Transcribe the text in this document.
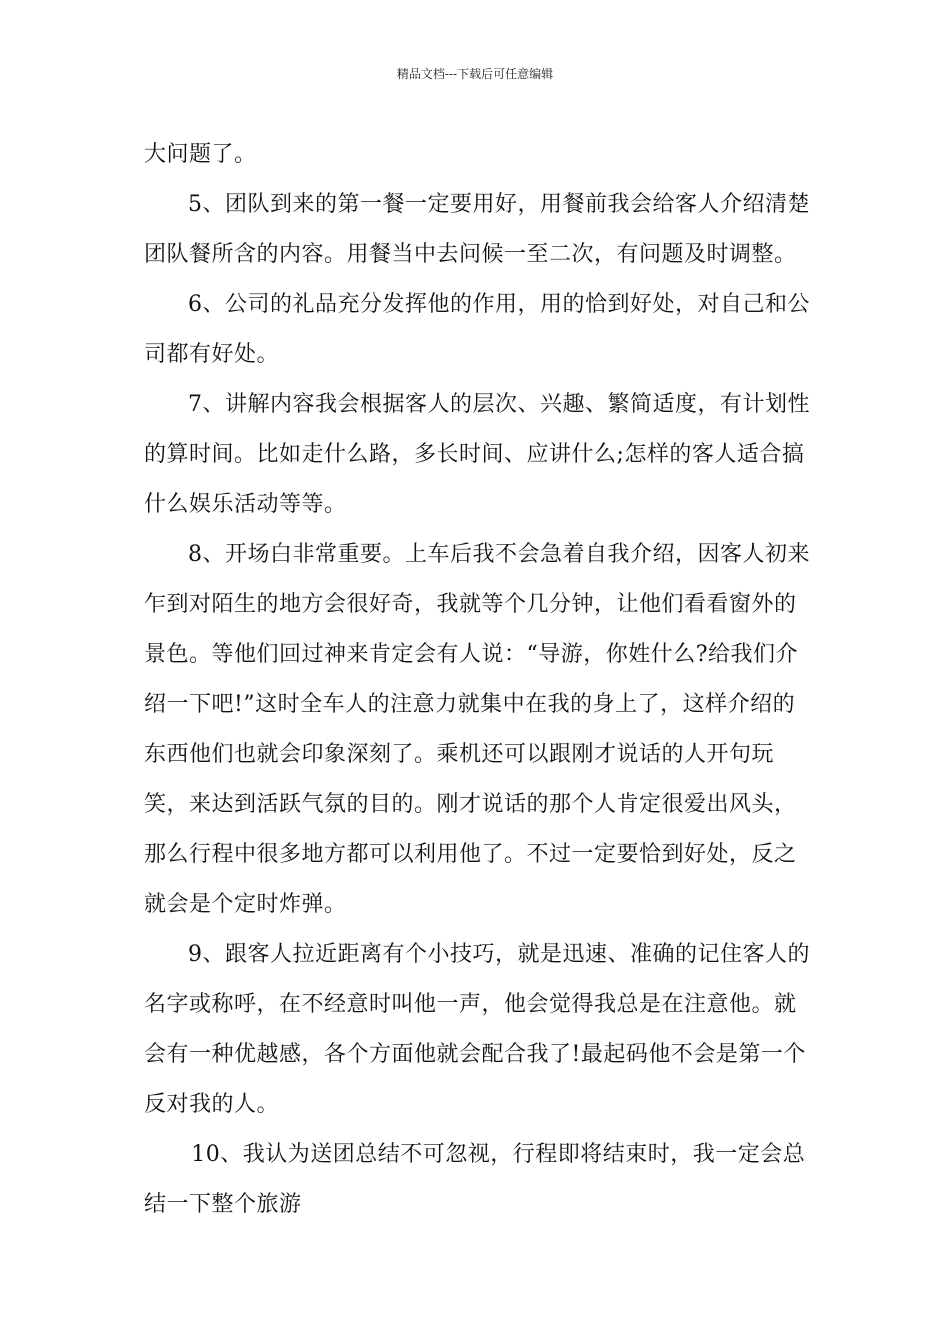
精品文档---下载后可任意编辑

大问题了。

5、团队到来的第一餐一定要用好，用餐前我会给客人介绍清楚团队餐所含的内容。用餐当中去问候一至二次，有问题及时调整。

6、公司的礼品充分发挥他的作用，用的恰到好处，对自己和公司都有好处。

7、讲解内容我会根据客人的层次、兴趣、繁简适度，有计划性的算时间。比如走什么路，多长时间、应讲什么;怎样的客人适合搞什么娱乐活动等等。

8、开场白非常重要。上车后我不会急着自我介绍，因客人初来乍到对陌生的地方会很好奇，我就等个几分钟，让他们看看窗外的景色。等他们回过神来肯定会有人说：“导游，你姓什么?给我们介绍一下吧!”这时全车人的注意力就集中在我的身上了，这样介绍的东西他们也就会印象深刻了。乘机还可以跟刚才说话的人开句玩笑，来达到活跃气氛的目的。刚才说话的那个人肯定很爱出风头，那么行程中很多地方都可以利用他了。不过一定要恰到好处，反之就会是个定时炸弹。

9、跟客人拉近距离有个小技巧，就是迅速、准确的记住客人的名字或称呼，在不经意时叫他一声，他会觉得我总是在注意他。就会有一种优越感，各个方面他就会配合我了!最起码他不会是第一个反对我的人。

10、我认为送团总结不可忽视，行程即将结束时，我一定会总结一下整个旅游
